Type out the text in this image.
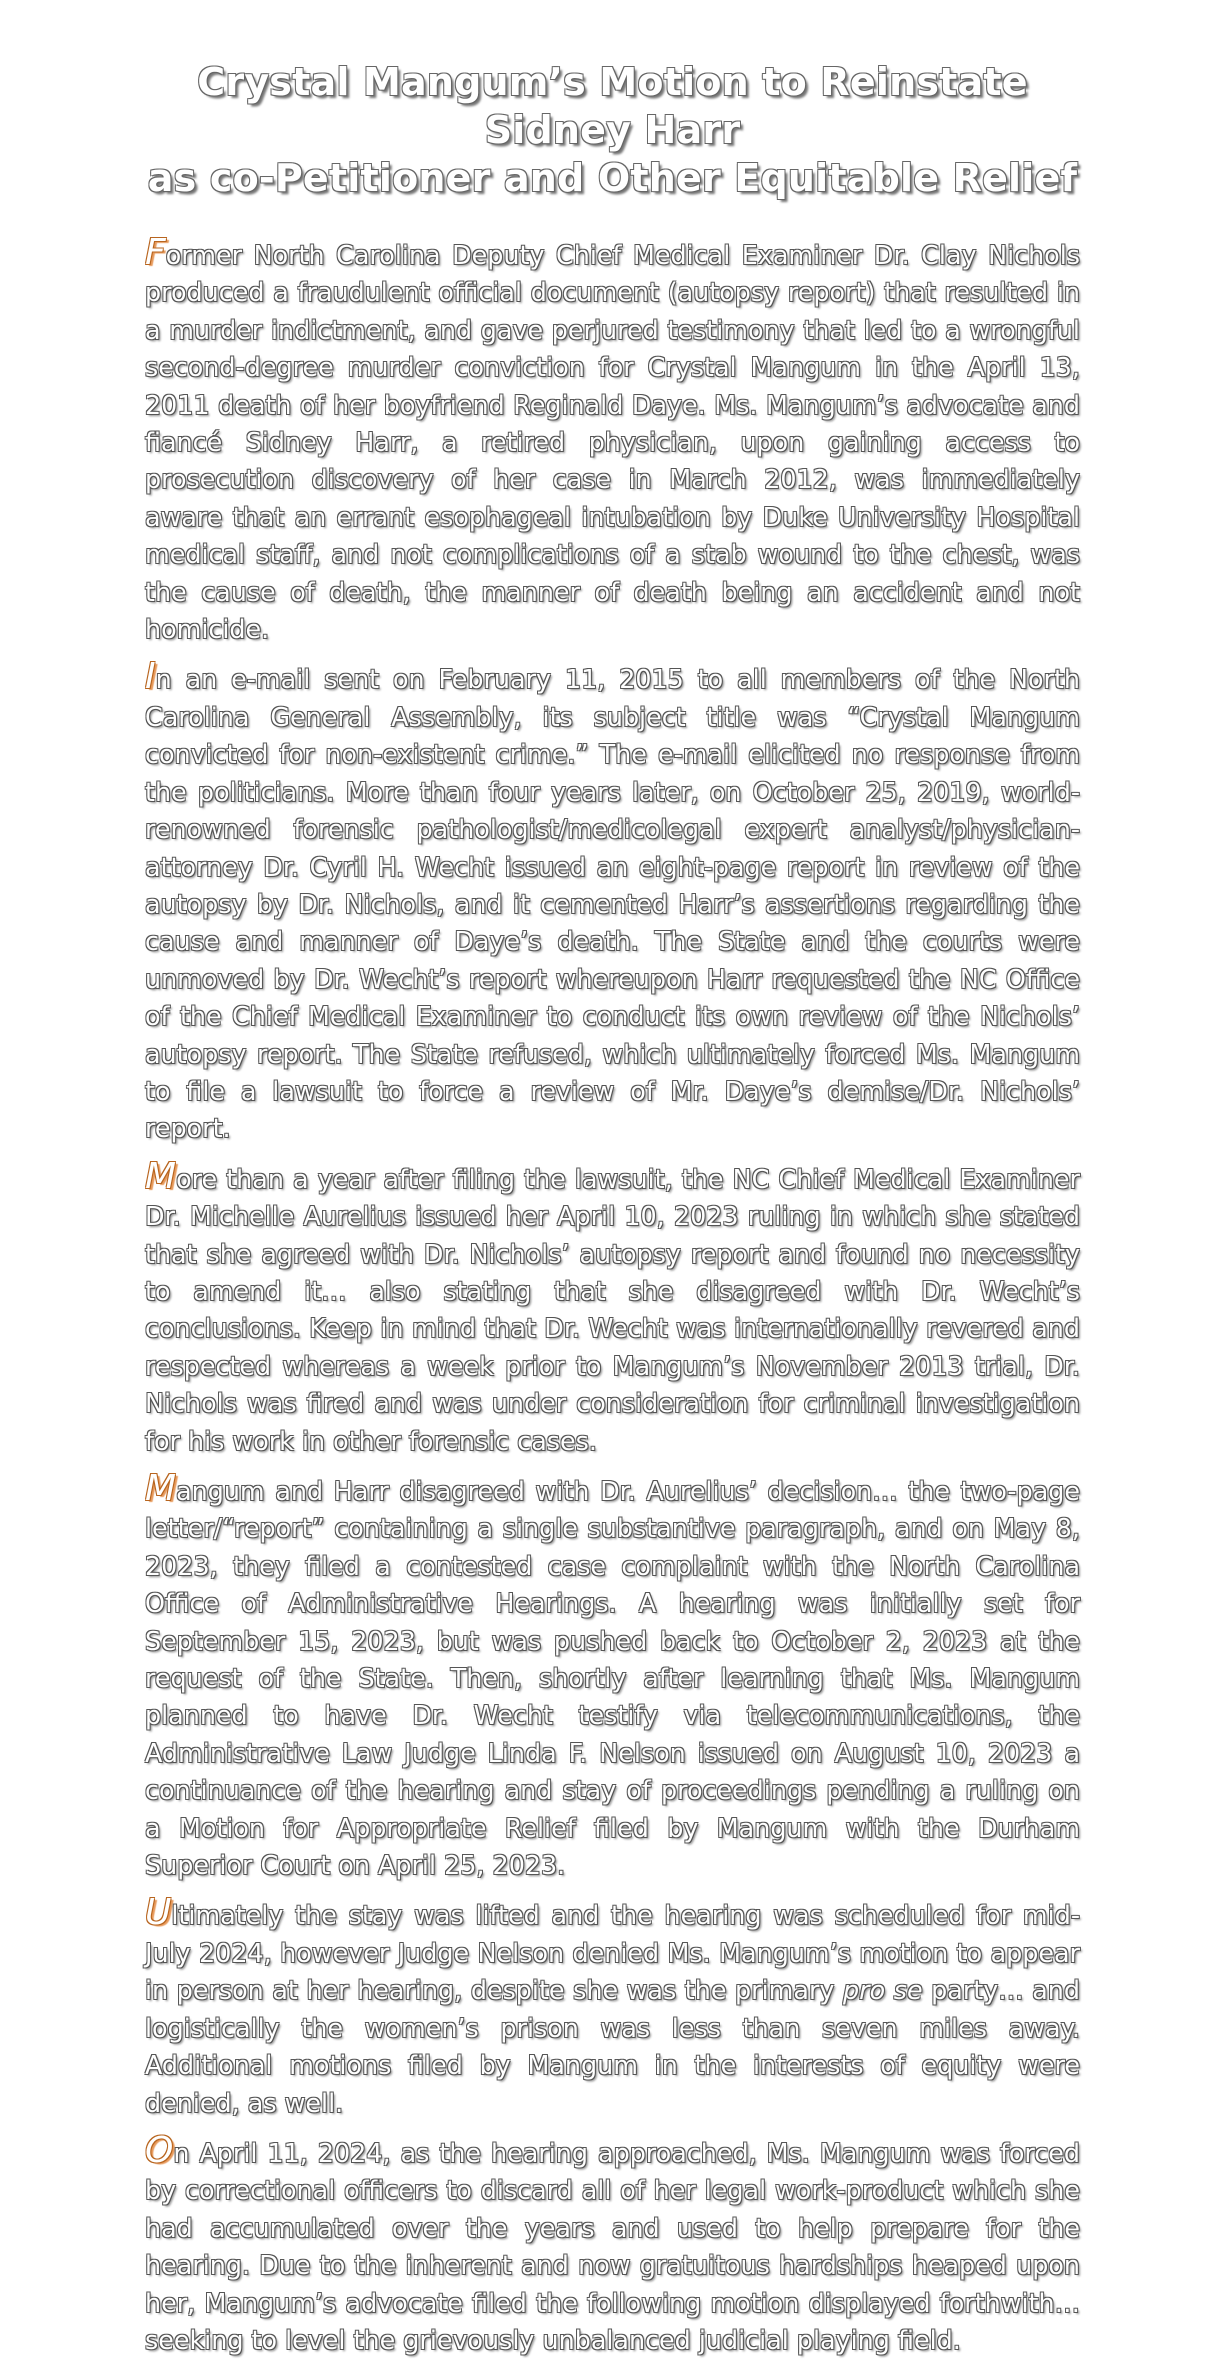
Crystal Mangum’s Motion to Reinstate Sidney Harr
as co-Petitioner and Other Equitable Relief

Former North Carolina Deputy Chief Medical Examiner Dr. Clay Nichols produced a fraudulent official document (autopsy report) that resulted in a murder indictment, and gave perjured testimony that led to a wrongful second-degree murder conviction for Crystal Mangum in the April 13, 2011 death of her boyfriend Reginald Daye. Ms. Mangum’s advocate and fiancé Sidney Harr, a retired physician, upon gaining access to prosecution discovery of her case in March 2012, was immediately aware that an errant esophageal intubation by Duke University Hospital medical staff, and not complications of a stab wound to the chest, was the cause of death, the manner of death being an accident and not homicide.

In an e-mail sent on February 11, 2015 to all members of the North Carolina General Assembly, its subject title was “Crystal Mangum convicted for non-existent crime.” The e-mail elicited no response from the politicians. More than four years later, on October 25, 2019, world-renowned forensic pathologist/medicolegal expert analyst/physician-attorney Dr. Cyril H. Wecht issued an eight-page report in review of the autopsy by Dr. Nichols, and it cemented Harr’s assertions regarding the cause and manner of Daye’s death. The State and the courts were unmoved by Dr. Wecht’s report whereupon Harr requested the NC Office of the Chief Medical Examiner to conduct its own review of the Nichols’ autopsy report. The State refused, which ultimately forced Ms. Mangum to file a lawsuit to force a review of Mr. Daye’s demise/Dr. Nichols’ report.

More than a year after filing the lawsuit, the NC Chief Medical Examiner Dr. Michelle Aurelius issued her April 10, 2023 ruling in which she stated that she agreed with Dr. Nichols’ autopsy report and found no necessity to amend it… also stating that she disagreed with Dr. Wecht’s conclusions. Keep in mind that Dr. Wecht was internationally revered and respected whereas a week prior to Mangum’s November 2013 trial, Dr. Nichols was fired and was under consideration for criminal investigation for his work in other forensic cases.

Mangum and Harr disagreed with Dr. Aurelius’ decision… the two-page letter/“report” containing a single substantive paragraph, and on May 8, 2023, they filed a contested case complaint with the North Carolina Office of Administrative Hearings. A hearing was initially set for September 15, 2023, but was pushed back to October 2, 2023 at the request of the State. Then, shortly after learning that Ms. Mangum planned to have Dr. Wecht testify via telecommunications, the Administrative Law Judge Linda F. Nelson issued on August 10, 2023 a continuance of the hearing and stay of proceedings pending a ruling on a Motion for Appropriate Relief filed by Mangum with the Durham Superior Court on April 25, 2023.

Ultimately the stay was lifted and the hearing was scheduled for mid-July 2024, however Judge Nelson denied Ms. Mangum’s motion to appear in person at her hearing, despite she was the primary pro se party… and logistically the women’s prison was less than seven miles away. Additional motions filed by Mangum in the interests of equity were denied, as well.

On April 11, 2024, as the hearing approached, Ms. Mangum was forced by correctional officers to discard all of her legal work-product which she had accumulated over the years and used to help prepare for the hearing. Due to the inherent and now gratuitous hardships heaped upon her, Mangum’s advocate filed the following motion displayed forthwith… seeking to level the grievously unbalanced judicial playing field.
